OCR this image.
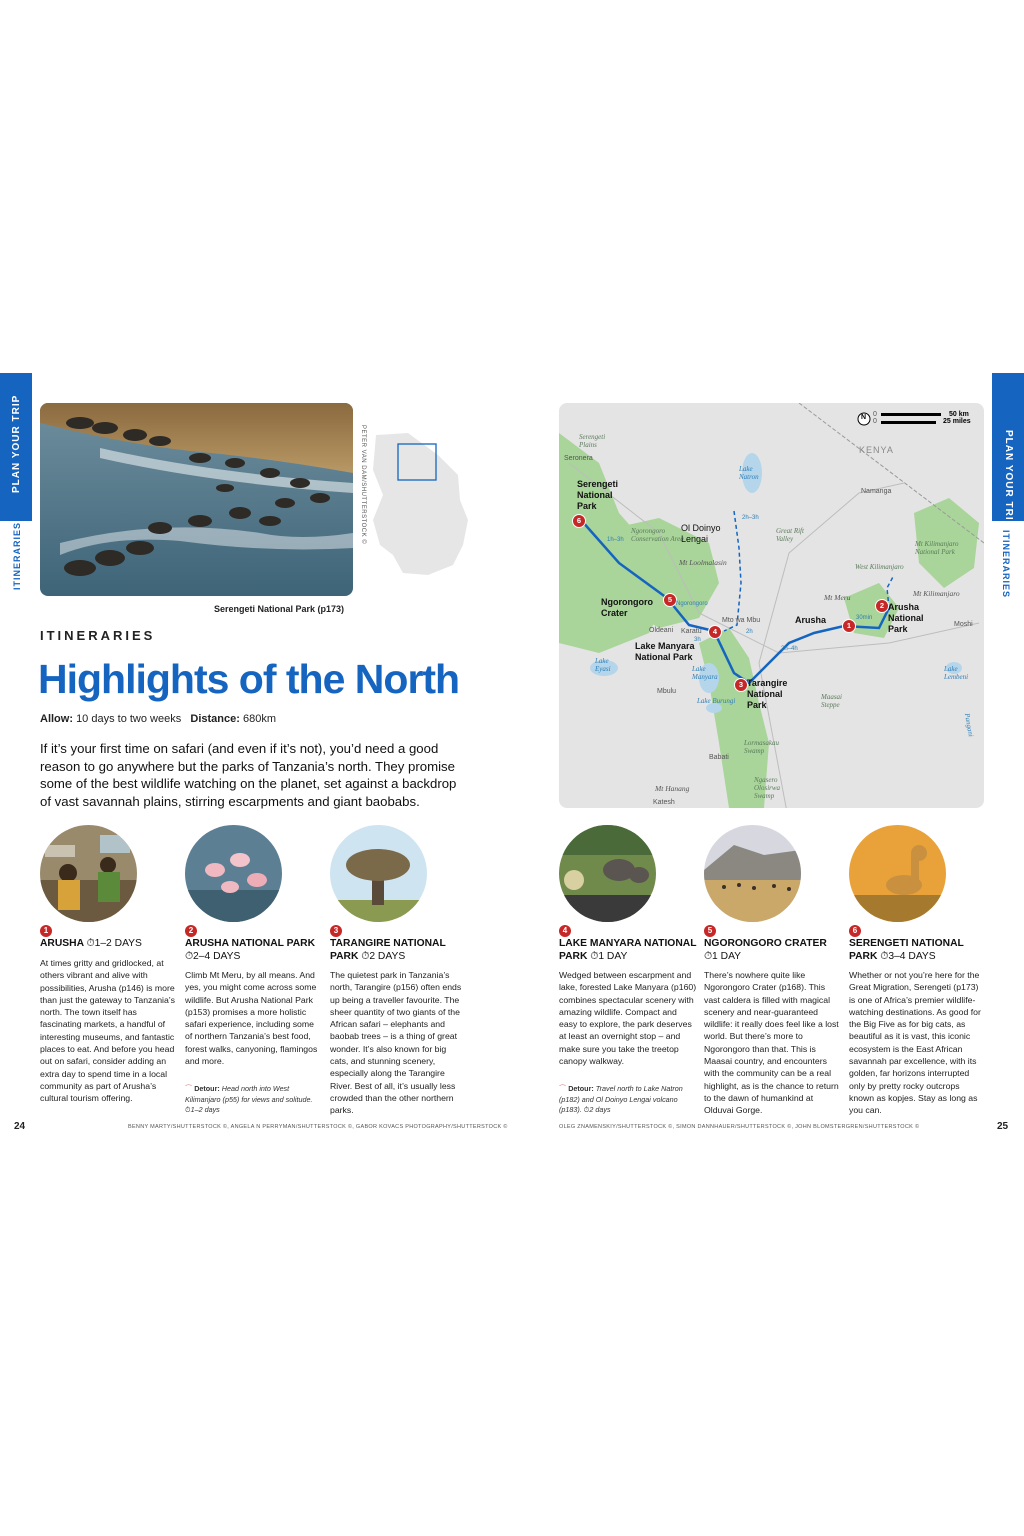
PLAN YOUR TRIP
ITINERARIES
PLAN YOUR TRIP
ITINERARIES
PETER VAN DAM/SHUTTERSTOCK ©
Serengeti National Park (p173)
ITINERARIES
Highlights of the North
Allow: 10 days to two weeks Distance: 680km
If it’s your first time on safari (and even if it’s not), you’d need a good reason to go anywhere but the parks of Tanzania’s north. They promise some of the best wildlife watching on the planet, set against a backdrop of vast savannah plains, stirring escarpments and giant baobabs.
1
ARUSHA ⏱1–2 DAYS
At times gritty and gridlocked, at others vibrant and alive with possibilities, Arusha (p146) is more than just the gateway to Tanzania’s north. The town itself has fascinating markets, a handful of interesting museums, and fantastic places to eat. And before you head out on safari, consider adding an extra day to spend time in a local community as part of Arusha’s cultural tourism offering.
2
ARUSHA NATIONAL PARK
⏱2–4 DAYS
Climb Mt Meru, by all means. And yes, you might come across some wildlife. But Arusha National Park (p153) promises a more holistic safari experience, including some of northern Tanzania’s best food, forest walks, canyoning, flamingos and more.
⌒ Detour: Head north into West Kilimanjaro (p55) for views and solitude. ⏱1–2 days
3
TARANGIRE NATIONAL PARK ⏱2 DAYS
The quietest park in Tanzania’s north, Tarangire (p156) often ends up being a traveller favourite. The sheer quantity of two giants of the African safari – elephants and baobab trees – is a thing of great wonder. It’s also known for big cats, and stunning scenery, especially along the Tarangire River. Best of all, it’s usually less crowded than the other northern parks.
4
LAKE MANYARA NATIONAL PARK ⏱1 DAY
Wedged between escarpment and lake, forested Lake Manyara (p160) combines spectacular scenery with amazing wildlife. Compact and easy to explore, the park deserves at least an overnight stop – and make sure you take the treetop canopy walkway.
⌒ Detour: Travel north to Lake Natron (p182) and Ol Doinyo Lengai volcano (p183). ⏱2 days
5
NGORONGORO CRATER
⏱1 DAY
There’s nowhere quite like Ngorongoro Crater (p168). This vast caldera is filled with magical scenery and near-guaranteed wildlife: it really does feel like a lost world. But there’s more to Ngorongoro than that. This is Maasai country, and encounters with the community can be a real highlight, as is the chance to return to the dawn of humankind at Olduvai Gorge.
6
SERENGETI NATIONAL PARK ⏱3–4 DAYS
Whether or not you’re here for the Great Migration, Serengeti (p173) is one of Africa’s premier wildlife-watching destinations. As good for the Big Five as for big cats, as beautiful as it is vast, this iconic ecosystem is the East African savannah par excellence, with its golden, far horizons interrupted only by pretty rocky outcrops known as kopjes. Stay as long as you can.
24	BENNY MARTY/SHUTTERSTOCK ©, ANGELA N PERRYMAN/SHUTTERSTOCK ©, GABOR KOVACS PHOTOGRAPHY/SHUTTERSTOCK ©	OLEG ZNAMENSKIY/SHUTTERSTOCK ©, SIMON DANNHAUER/SHUTTERSTOCK ©, JOHN BLOMSTERGREN/SHUTTERSTOCK ©	25
0
0
N	50 km
25 miles
KENYA
6
Serengeti National Park
5
Ngorongoro Crater
4
Lake Manyara National Park
3 Tarangire National Park
1
Arusha
2 Arusha National Park
Ol Doinyo Lengai
Namanga
Moshi
Karatu
Oldeani
Mto wa Mbu
Mbulu
Babati
Katesh
Seronera
Lake Natron
Lake Eyasi	Lake Manyara
Lake Burungi
Lake Lembeni
Pangani
Serengeti Plains
Ngorongoro Conservation Area
Great Rift Valley
Mt Kilimanjaro National Park
West Kilimanjaro
Maasai Steppe
Lormasakau Swamp
Ngasero Olosirwa Swamp
Mt Loolmalasin
Mt Meru	Mt Kilimanjaro
Mt Hanang
1h–3h
2h–3h
2h
3h
2h–4h
30min
Ngorongoro
